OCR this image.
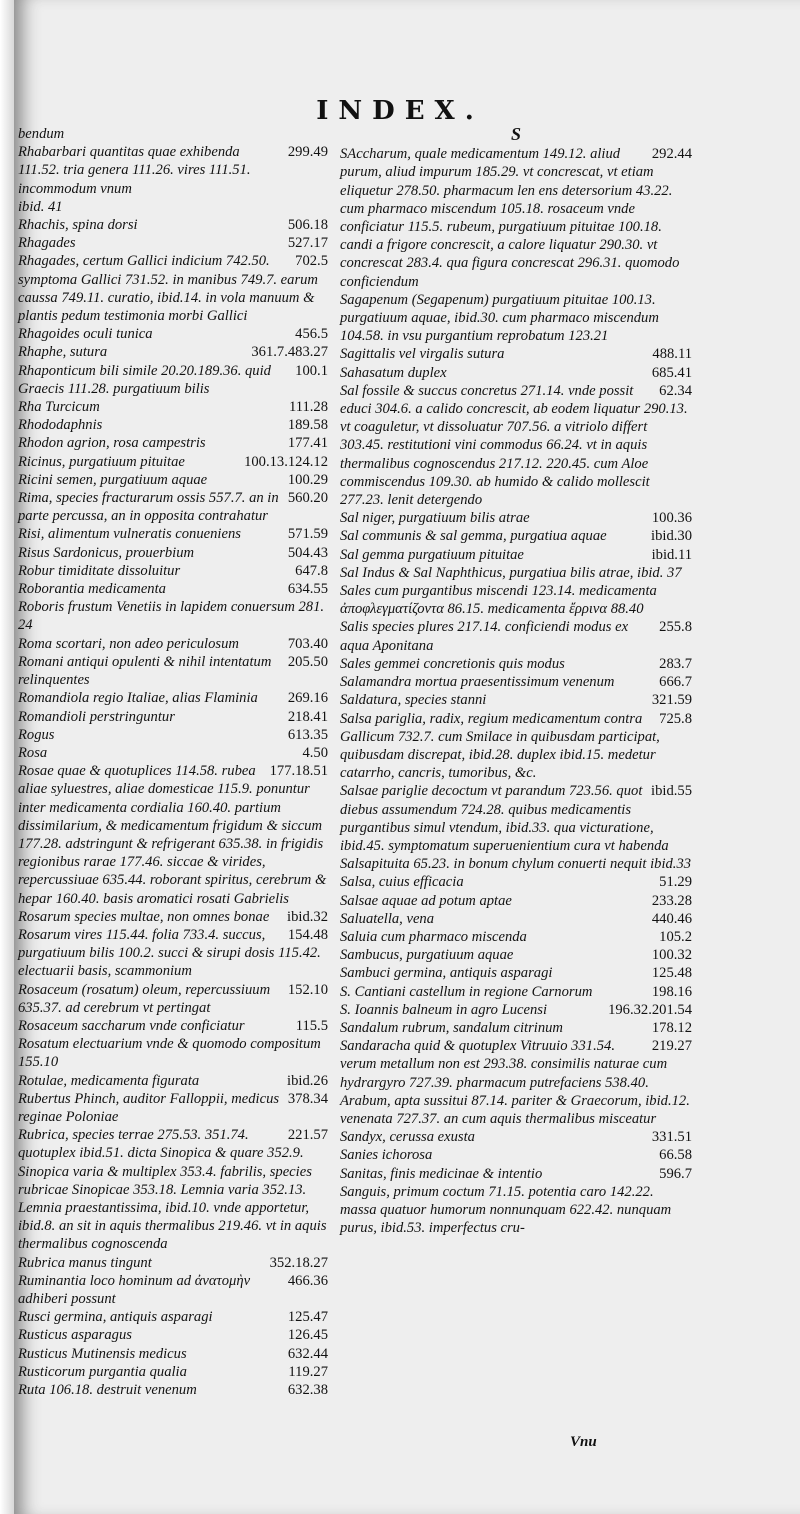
INDEX.
bendum
299.49
Rhabarbari quantitas quae exhibenda 111.52. tria genera 111.26. vires 111.51. incommodum vnum
ibid. 41
506.18
Rhachis, spina dorsi
527.17
Rhagades
702.5
Rhagades, certum Gallici indicium 742.50. symptoma Gallici 731.52. in manibus 749.7. earum caussa 749.11. curatio, ibid.14. in vola manuum & plantis pedum testimonia morbi Gallici
456.5
Rhagoides oculi tunica
361.7.483.27
Rhaphe, sutura
100.1
Rhaponticum bili simile 20.20.189.36. quid Graecis 111.28. purgatiuum bilis
111.28
Rha Turcicum
189.58
Rhododaphnis
177.41
Rhodon agrion, rosa campestris
100.13.124.12
Ricinus, purgatiuum pituitae
100.29
Ricini semen, purgatiuum aquae
560.20
Rima, species fracturarum ossis 557.7. an in parte percussa, an in opposita contrahatur
571.59
Risi, alimentum vulneratis conueniens
504.43
Risus Sardonicus, prouerbium
647.8
Robur timiditate dissoluitur
634.55
Roborantia medicamenta
Roboris frustum Venetiis in lapidem conuersum 281. 24
703.40
Roma scortari, non adeo periculosum
205.50
Romani antiqui opulenti & nihil intentatum relinquentes
269.16
Romandiola regio Italiae, alias Flaminia
218.41
Romandioli perstringuntur
613.35
Rogus
4.50
Rosa
177.18.51
Rosae quae & quotuplices 114.58. rubea aliae syluestres, aliae domesticae 115.9. ponuntur inter medicamenta cordialia 160.40. partium dissimilarium, & medicamentum frigidum & siccum 177.28. adstringunt & refrigerant 635.38. in frigidis regionibus rarae 177.46. siccae & virides, repercussiuae 635.44. roborant spiritus, cerebrum & hepar 160.40. basis aromatici rosati Gabrielis
ibid.32
Rosarum species multae, non omnes bonae
154.48
Rosarum vires 115.44. folia 733.4. succus, purgatiuum bilis 100.2. succi & sirupi dosis 115.42. electuarii basis, scammonium
152.10
Rosaceum (rosatum) oleum, repercussiuum 635.37. ad cerebrum vt pertingat
115.5
Rosaceum saccharum vnde conficiatur
Rosatum electuarium vnde & quomodo compositum 155.10
ibid.26
Rotulae, medicamenta figurata
378.34
Rubertus Phinch, auditor Falloppii, medicus reginae Poloniae
221.57
Rubrica, species terrae 275.53. 351.74. quotuplex ibid.51. dicta Sinopica & quare 352.9. Sinopica varia & multiplex 353.4. fabrilis, species rubricae Sinopicae 353.18. Lemnia varia 352.13. Lemnia praestantissima, ibid.10. vnde apportetur, ibid.8. an sit in aquis thermalibus 219.46. vt in aquis thermalibus cognoscenda
352.18.27
Rubrica manus tingunt
466.36
Ruminantia loco hominum ad ἀνατομὴν adhiberi possunt
125.47
Rusci germina, antiquis asparagi
126.45
Rusticus asparagus
632.44
Rusticus Mutinensis medicus
119.27
Rusticorum purgantia qualia
632.38
Ruta 106.18. destruit venenum
S
292.44
SAccharum, quale medicamentum 149.12. aliud purum, aliud impurum 185.29. vt concrescat, vt etiam eliquetur 278.50. pharmacum len ens detersorium 43.22. cum pharmaco miscendum 105.18. rosaceum vnde conficiatur 115.5. rubeum, purgatiuum pituitae 100.18. candi a frigore concrescit, a calore liquatur 290.30. vt concrescat 283.4. qua figura concrescat 296.31. quomodo conficiendum
Sagapenum (Segapenum) purgatiuum pituitae 100.13. purgatiuum aquae, ibid.30. cum pharmaco miscendum 104.58. in vsu purgantium reprobatum 123.21
488.11
Sagittalis vel virgalis sutura
685.41
Sahasatum duplex
62.34
Sal fossile & succus concretus 271.14. vnde possit educi 304.6. a calido concrescit, ab eodem liquatur 290.13. vt coaguletur, vt dissoluatur 707.56. a vitriolo differt 303.45. restitutioni vini commodus 66.24. vt in aquis thermalibus cognoscendus 217.12. 220.45. cum Aloe commiscendus 109.30. ab humido & calido mollescit 277.23. lenit detergendo
100.36
Sal niger, purgatiuum bilis atrae
ibid.30
Sal communis & sal gemma, purgatiua aquae
ibid.11
Sal gemma purgatiuum pituitae
Sal Indus & Sal Naphthicus, purgatiua bilis atrae, ibid. 37
Sales cum purgantibus miscendi 123.14. medicamenta ἀποφλεγματίζοντα 86.15. medicamenta ἔρρινα 88.40
255.8
Salis species plures 217.14. conficiendi modus ex aqua Aponitana
283.7
Sales gemmei concretionis quis modus
666.7
Salamandra mortua praesentissimum venenum
321.59
Saldatura, species stanni
725.8
Salsa pariglia, radix, regium medicamentum contra Gallicum 732.7. cum Smilace in quibusdam participat, quibusdam discrepat, ibid.28. duplex ibid.15. medetur catarrho, cancris, tumoribus, &c.
ibid.55
Salsae pariglie decoctum vt parandum 723.56. quot diebus assumendum 724.28. quibus medicamentis purgantibus simul vtendum, ibid.33. qua victuratione, ibid.45. symptomatum superuenientium cura vt habenda
Salsapituita 65.23. in bonum chylum conuerti nequit ibid.33
51.29
Salsa, cuius efficacia
233.28
Salsae aquae ad potum aptae
440.46
Saluatella, vena
105.2
Saluia cum pharmaco miscenda
100.32
Sambucus, purgatiuum aquae
125.48
Sambuci germina, antiquis asparagi
198.16
S. Cantiani castellum in regione Carnorum
196.32.201.54
S. Ioannis balneum in agro Lucensi
178.12
Sandalum rubrum, sandalum citrinum
219.27
Sandaracha quid & quotuplex Vitruuio 331.54. verum metallum non est 293.38. consimilis naturae cum hydrargyro 727.39. pharmacum putrefaciens 538.40. Arabum, apta sussitui 87.14. pariter & Graecorum, ibid.12. venenata 727.37. an cum aquis thermalibus misceatur
331.51
Sandyx, cerussa exusta
66.58
Sanies ichorosa
596.7
Sanitas, finis medicinae & intentio
Sanguis, primum coctum 71.15. potentia caro 142.22. massa quatuor humorum nonnunquam 622.42. nunquam purus, ibid.53. imperfectus cru-
Vnu
